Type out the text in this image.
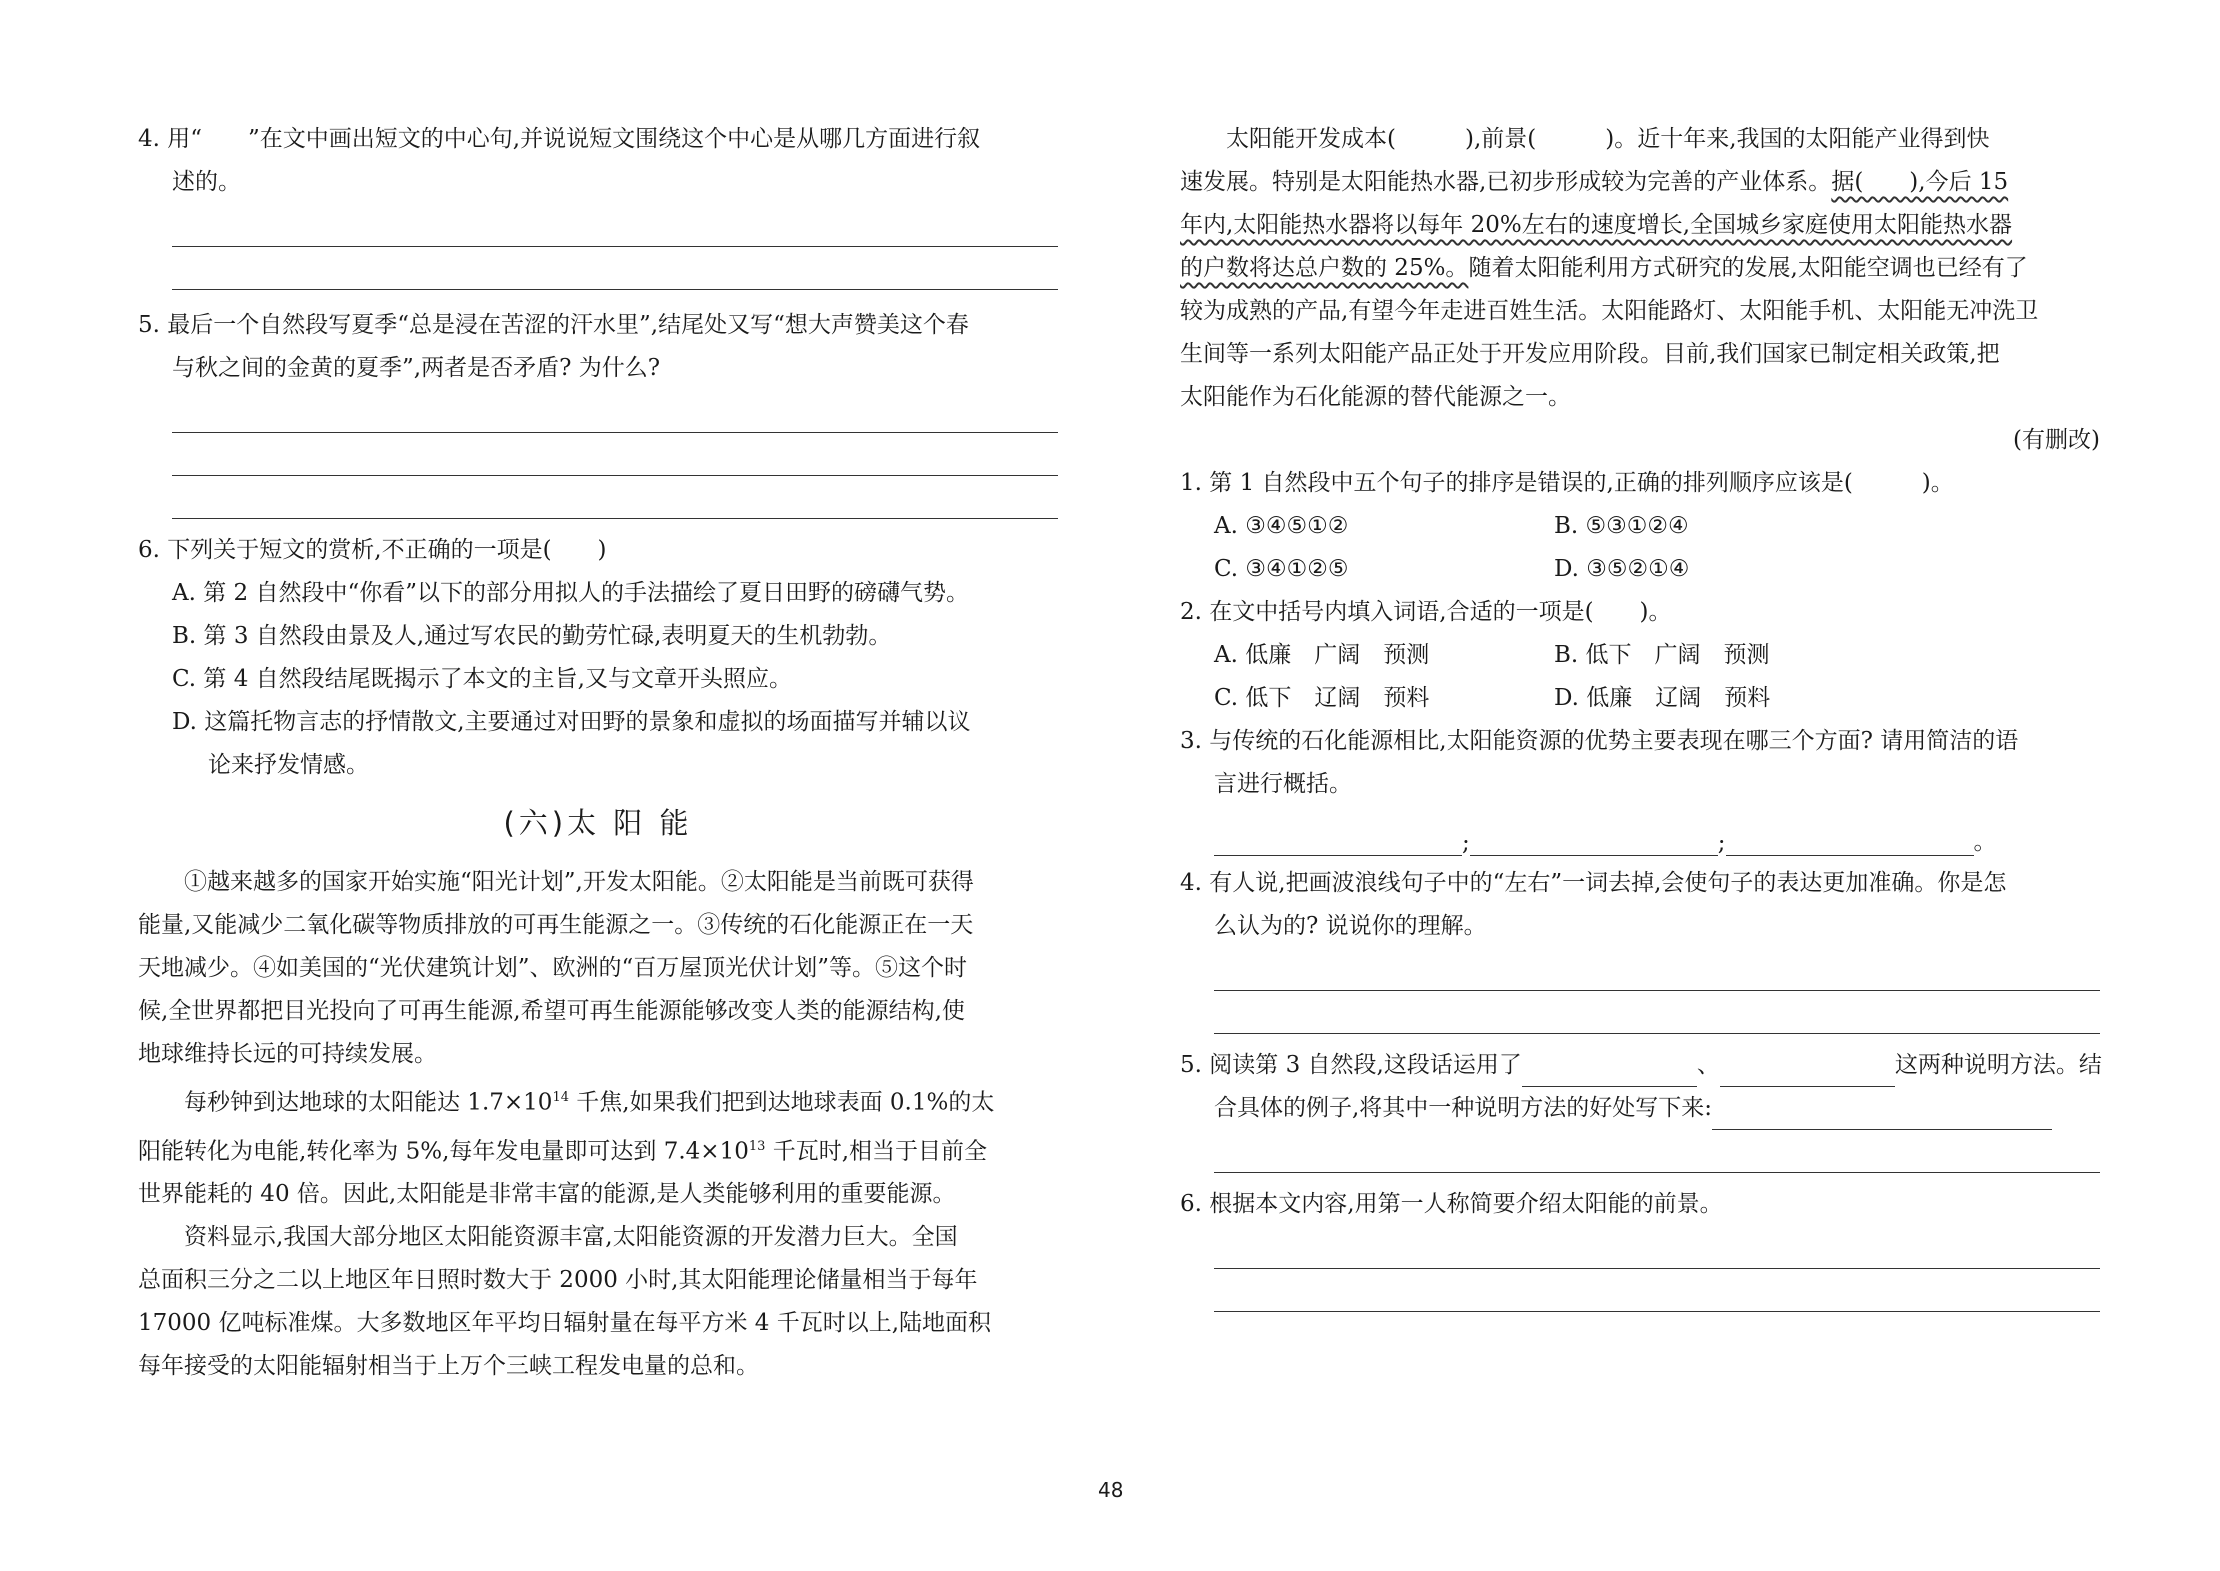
4. 用“　　”在文中画出短文的中心句,并说说短文围绕这个中心是从哪几方面进行叙
述的。
5. 最后一个自然段写夏季“总是浸在苦涩的汗水里”,结尾处又写“想大声赞美这个春
与秋之间的金黄的夏季”,两者是否矛盾? 为什么?
6. 下列关于短文的赏析,不正确的一项是(　　)
A. 第 2 自然段中“你看”以下的部分用拟人的手法描绘了夏日田野的磅礴气势。
B. 第 3 自然段由景及人,通过写农民的勤劳忙碌,表明夏天的生机勃勃。
C. 第 4 自然段结尾既揭示了本文的主旨,又与文章开头照应。
D. 这篇托物言志的抒情散文,主要通过对田野的景象和虚拟的场面描写并辅以议
论来抒发情感。
(六)太 阳 能
①越来越多的国家开始实施“阳光计划”,开发太阳能。②太阳能是当前既可获得
能量,又能减少二氧化碳等物质排放的可再生能源之一。③传统的石化能源正在一天
天地减少。④如美国的“光伏建筑计划”、欧洲的“百万屋顶光伏计划”等。⑤这个时
候,全世界都把目光投向了可再生能源,希望可再生能源能够改变人类的能源结构,使
地球维持长远的可持续发展。
每秒钟到达地球的太阳能达 $1.7\times 10^{14}$ 千焦,如果我们把到达地球表面 0.1%的太
阳能转化为电能,转化率为 5%,每年发电量即可达到 $7.4\times 10^{13}$ 千瓦时,相当于目前全
世界能耗的 40 倍。因此,太阳能是非常丰富的能源,是人类能够利用的重要能源。
资料显示,我国大部分地区太阳能资源丰富,太阳能资源的开发潜力巨大。全国
总面积三分之二以上地区年日照时数大于 2000 小时,其太阳能理论储量相当于每年
17000 亿吨标准煤。大多数地区年平均日辐射量在每平方米 4 千瓦时以上,陆地面积
每年接受的太阳能辐射相当于上万个三峡工程发电量的总和。
太阳能开发成本(　　　),前景(　　　)。近十年来,我国的太阳能产业得到快
速发展。特别是太阳能热水器,已初步形成较为完善的产业体系。据(　　),今后 15
年内,太阳能热水器将以每年 20%左右的速度增长,全国城乡家庭使用太阳能热水器
的户数将达总户数的 25%。随着太阳能利用方式研究的发展,太阳能空调也已经有了
较为成熟的产品,有望今年走进百姓生活。太阳能路灯、太阳能手机、太阳能无冲洗卫
生间等一系列太阳能产品正处于开发应用阶段。目前,我们国家已制定相关政策,把
太阳能作为石化能源的替代能源之一。
(有删改)
1. 第 1 自然段中五个句子的排序是错误的,正确的排列顺序应该是(　　　)。
A. ③④⑤①②	B. ⑤③①②④
C. ③④①②⑤	D. ③⑤②①④
2. 在文中括号内填入词语,合适的一项是(　　)。
A. 低廉　广阔　预测	B. 低下　广阔　预测
C. 低下　辽阔　预料	D. 低廉　辽阔　预料
3. 与传统的石化能源相比,太阳能资源的优势主要表现在哪三个方面? 请用简洁的语
言进行概括。
;	;	。
4. 有人说,把画波浪线句子中的“左右”一词去掉,会使句子的表达更加准确。你是怎
么认为的? 说说你的理解。
5. 阅读第 3 自然段,这段话运用了	、	这两种说明方法。结
合具体的例子,将其中一种说明方法的好处写下来:
6. 根据本文内容,用第一人称简要介绍太阳能的前景。
48
